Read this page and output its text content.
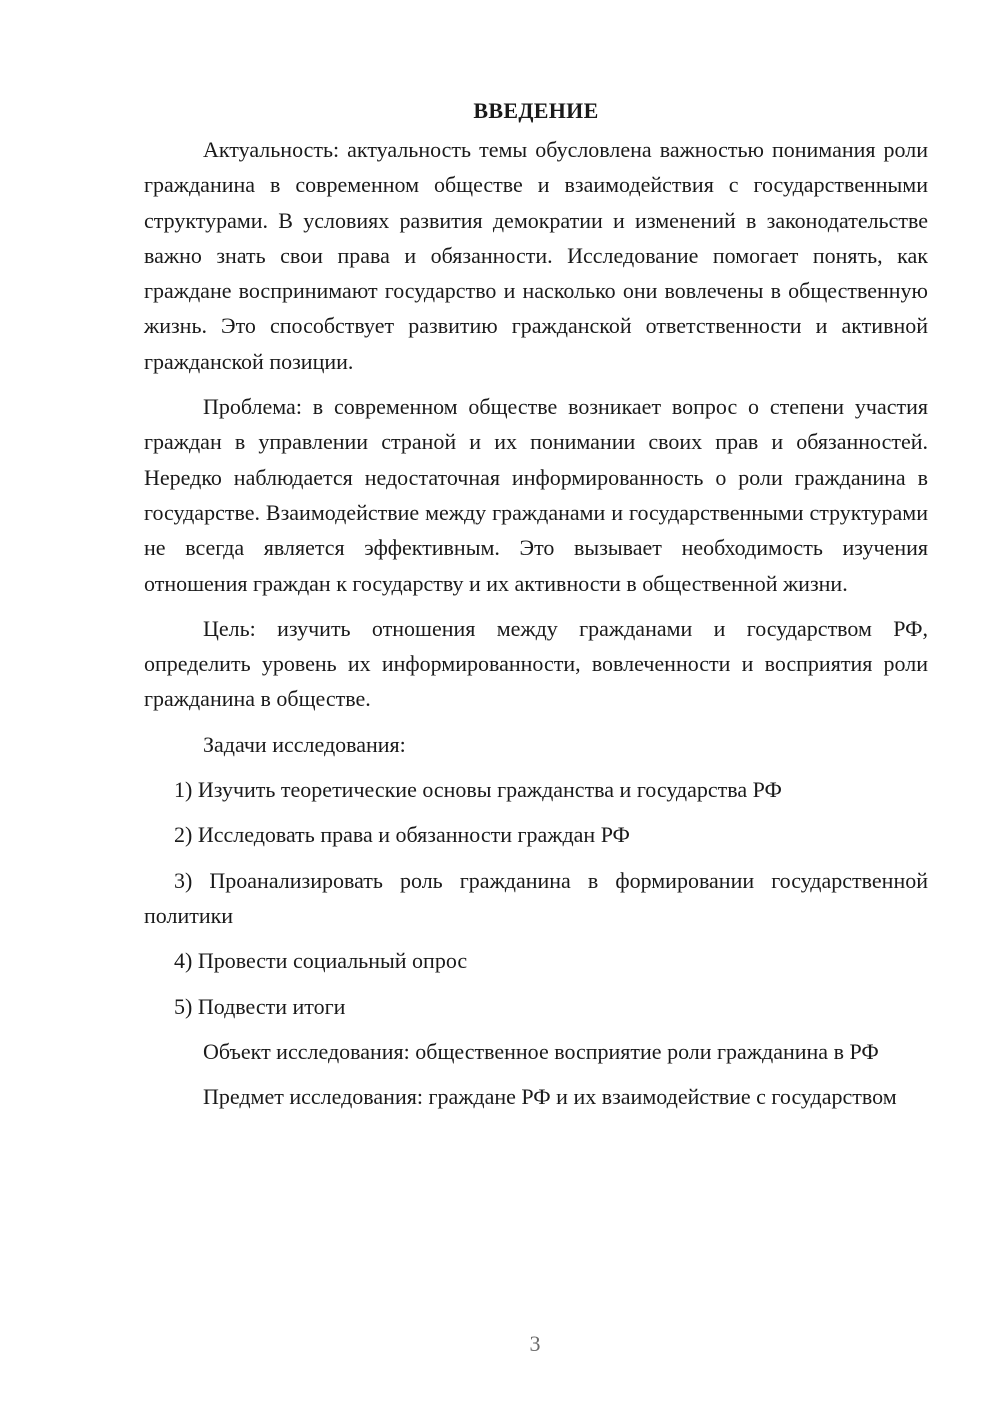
ВВЕДЕНИЕ

Актуальность: актуальность темы обусловлена важностью понимания роли гражданина в современном обществе и взаимодействия с государственными структурами. В условиях развития демократии и изменений в законодательстве важно знать свои права и обязанности. Исследование помогает понять, как граждане воспринимают государство и насколько они вовлечены в общественную жизнь. Это способствует развитию гражданской ответственности и активной гражданской позиции.

Проблема: в современном обществе возникает вопрос о степени участия граждан в управлении страной и их понимании своих прав и обязанностей. Нередко наблюдается недостаточная информированность о роли гражданина в государстве. Взаимодействие между гражданами и государственными структурами не всегда является эффективным. Это вызывает необходимость изучения отношения граждан к государству и их активности в общественной жизни.

Цель: изучить отношения между гражданами и государством РФ, определить уровень их информированности, вовлеченности и восприятия роли гражданина в обществе.

Задачи исследования:

1) Изучить теоретические основы гражданства и государства РФ

2) Исследовать права и обязанности граждан РФ

3) Проанализировать роль гражданина в формировании государственной политики

4) Провести социальный опрос

5) Подвести итоги

Объект исследования: общественное восприятие роли гражданина в РФ

Предмет исследования: граждане РФ и их взаимодействие с государством

3
